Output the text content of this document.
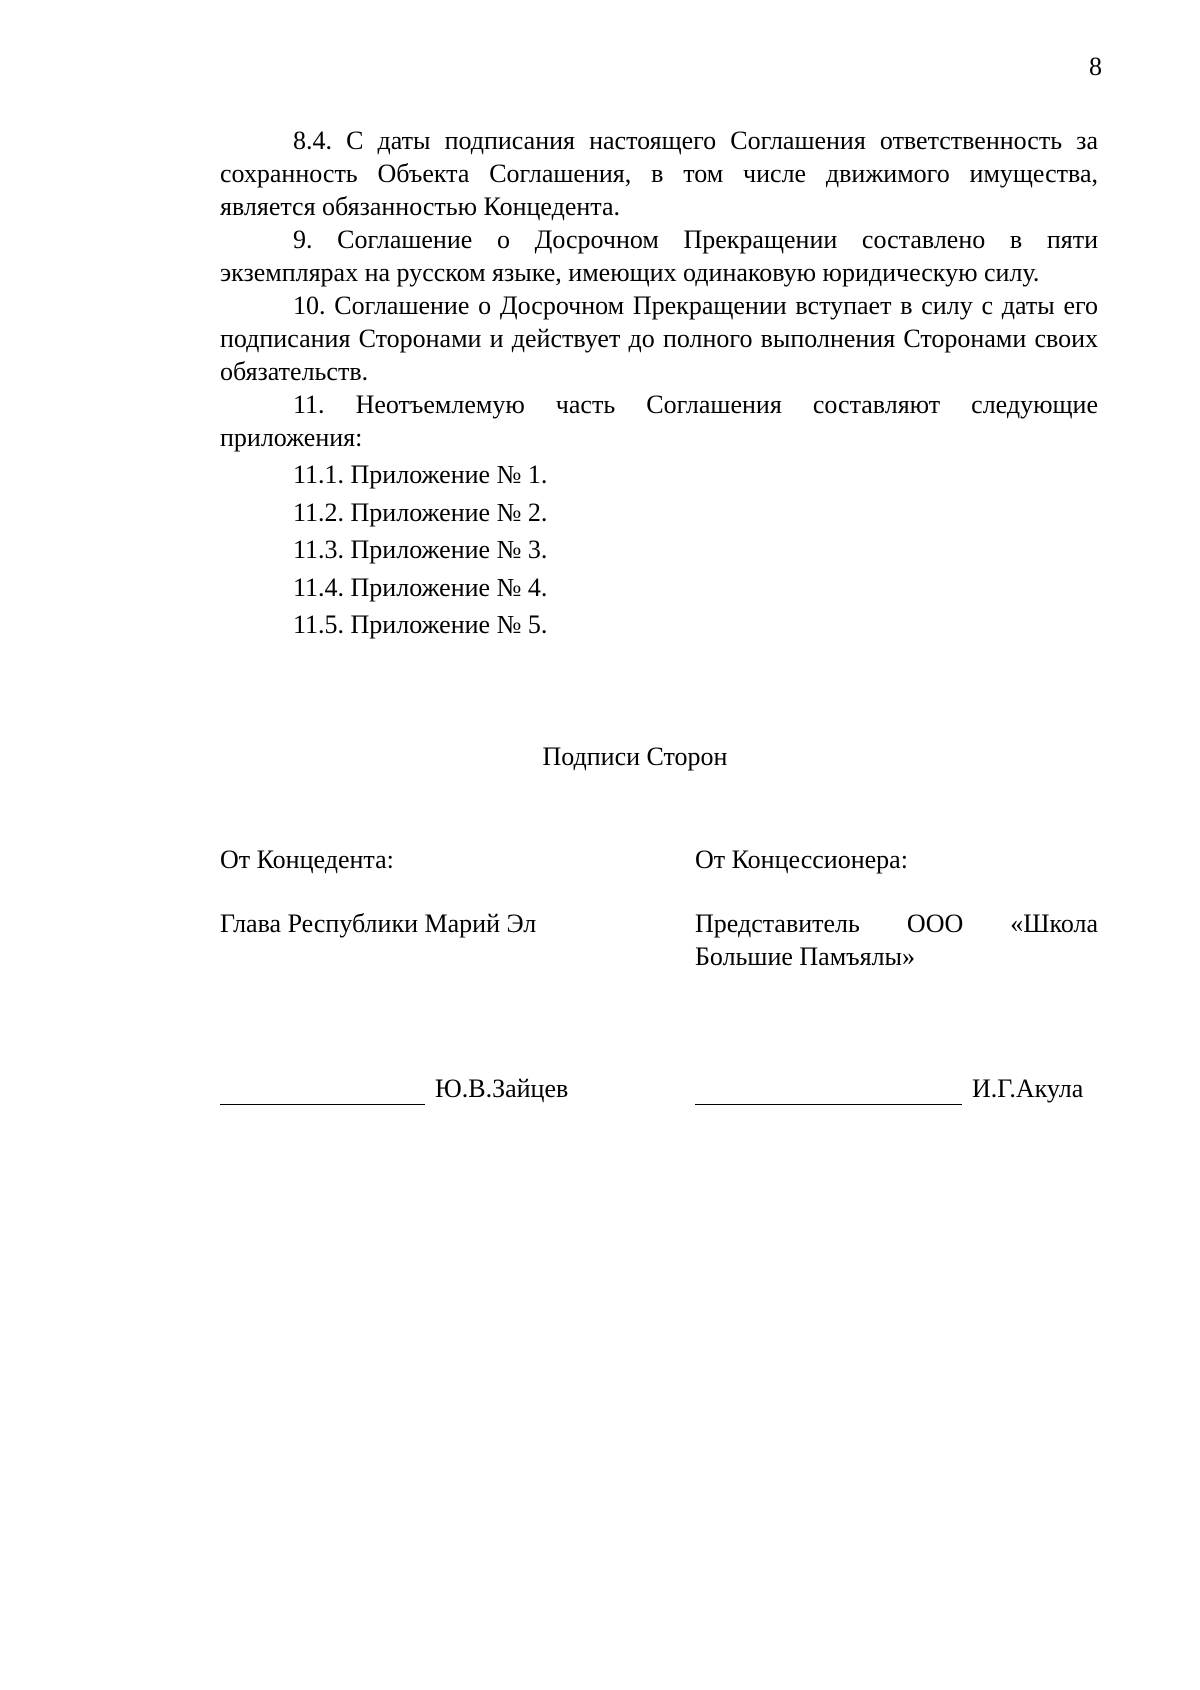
8

8.4. С даты подписания настоящего Соглашения ответственность за сохранность Объекта Соглашения, в том числе движимого имущества, является обязанностью Концедента.

9. Соглашение о Досрочном Прекращении составлено в пяти экземплярах на русском языке, имеющих одинаковую юридическую силу.

10. Соглашение о Досрочном Прекращении вступает в силу с даты его подписания Сторонами и действует до полного выполнения Сторонами своих обязательств.

11. Неотъемлемую часть Соглашения составляют следующие приложения:

11.1. Приложение № 1.
11.2. Приложение № 2.
11.3. Приложение № 3.
11.4. Приложение № 4.
11.5. Приложение № 5.
Подписи Сторон
От Концедента:
Глава Республики Марий Эл
От Концессионера:
Представитель ООО «Школа Большие Памъялы»
Ю.В.Зайцев	И.Г.Акула
